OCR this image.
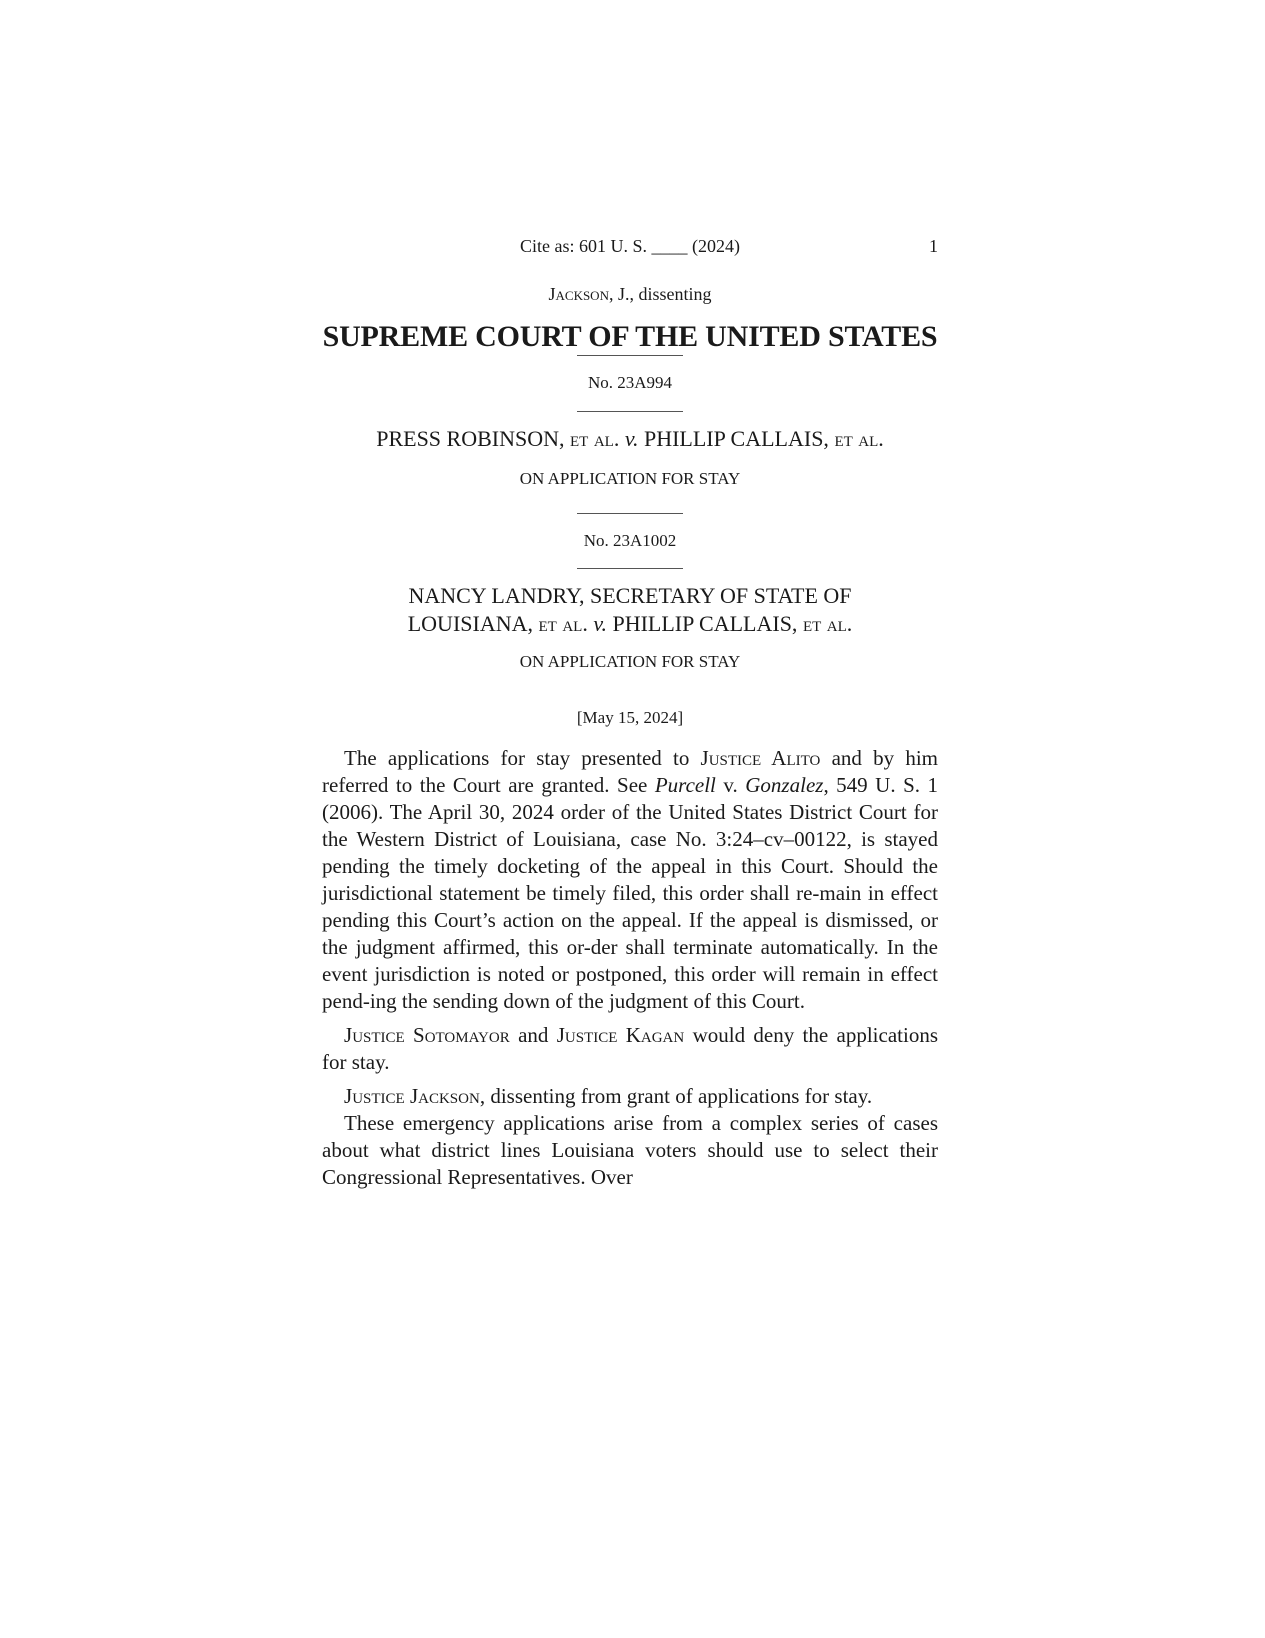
Cite as: 601 U. S. ____ (2024)	1
Jackson, J., dissenting
SUPREME COURT OF THE UNITED STATES
No. 23A994
PRESS ROBINSON, et al. v. PHILLIP CALLAIS, et al.
ON APPLICATION FOR STAY
No. 23A1002
NANCY LANDRY, SECRETARY OF STATE OF
LOUISIANA, et al. v. PHILLIP CALLAIS, et al.
ON APPLICATION FOR STAY
[May 15, 2024]

The applications for stay presented to Justice Alito and by him referred to the Court are granted. See Purcell v. Gonzalez, 549 U. S. 1 (2006). The April 30, 2024 order of the United States District Court for the Western District of Louisiana, case No. 3:24–cv–00122, is stayed pending the timely docketing of the appeal in this Court. Should the jurisdictional statement be timely filed, this order shall re-main in effect pending this Court’s action on the appeal. If the appeal is dismissed, or the judgment affirmed, this or-der shall terminate automatically. In the event jurisdiction is noted or postponed, this order will remain in effect pend-ing the sending down of the judgment of this Court.

Justice Sotomayor and Justice Kagan would deny the applications for stay.

Justice Jackson, dissenting from grant of applications for stay.

These emergency applications arise from a complex series of cases about what district lines Louisiana voters should use to select their Congressional Representatives. Over
